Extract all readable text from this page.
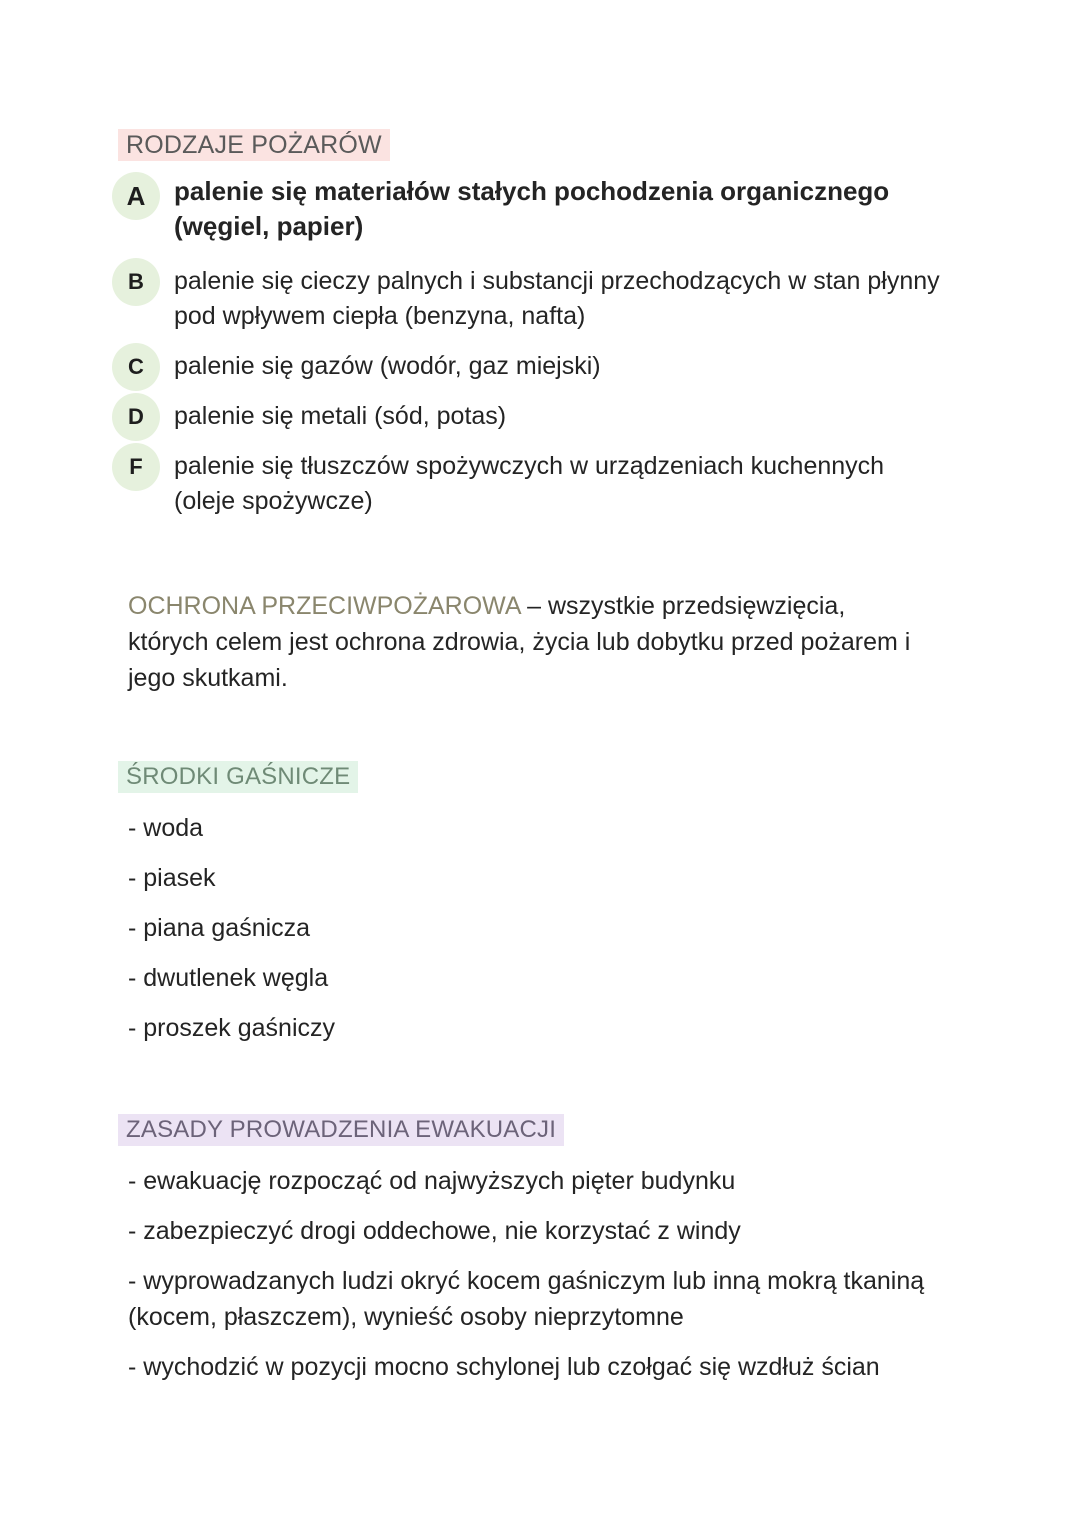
RODZAJE POŻARÓW
A	palenie się materiałów stałych pochodzenia organicznego (węgiel, papier)
B	palenie się cieczy palnych i substancji przechodzących w stan płynny pod wpływem ciepła (benzyna, nafta)
C	palenie się gazów (wodór, gaz miejski)
D	palenie się metali (sód, potas)
F	palenie się tłuszczów spożywczych w urządzeniach kuchennych (oleje spożywcze)
OCHRONA PRZECIWPOŻAROWA – wszystkie przedsięwzięcia, których celem jest ochrona zdrowia, życia lub dobytku przed pożarem i jego skutkami.
ŚRODKI GAŚNICZE
- woda
- piasek
- piana gaśnicza
- dwutlenek węgla
- proszek gaśniczy
ZASADY PROWADZENIA EWAKUACJI
- ewakuację rozpocząć od najwyższych pięter budynku
- zabezpieczyć drogi oddechowe, nie korzystać z windy
- wyprowadzanych ludzi okryć kocem gaśniczym lub inną mokrą tkaniną (kocem, płaszczem), wynieść osoby nieprzytomne
- wychodzić w pozycji mocno schylonej lub czołgać się wzdłuż ścian
